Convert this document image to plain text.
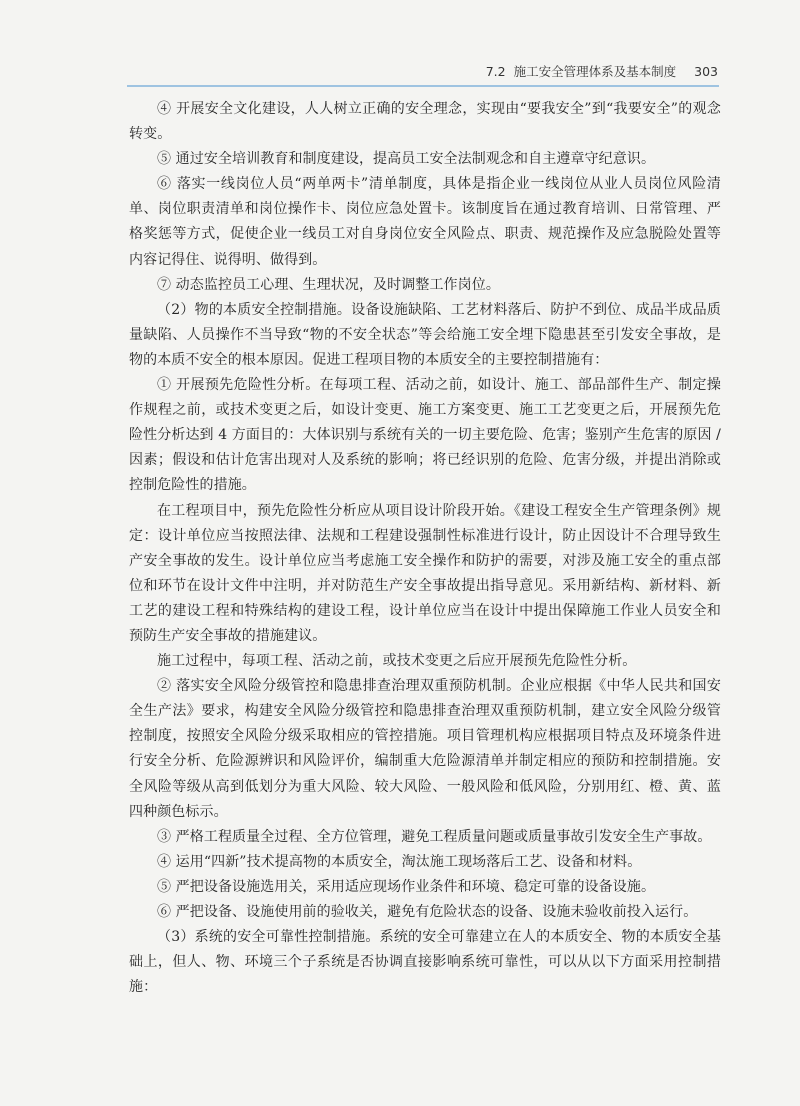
7.2 施工安全管理体系及基本制度 303

④ 开展安全文化建设，人人树立正确的安全理念，实现由“要我安全”到“我要安全”的观念转变。

⑤ 通过安全培训教育和制度建设，提高员工安全法制观念和自主遵章守纪意识。

⑥ 落实一线岗位人员“两单两卡”清单制度，具体是指企业一线岗位从业人员岗位风险清单、岗位职责清单和岗位操作卡、岗位应急处置卡。该制度旨在通过教育培训、日常管理、严格奖惩等方式，促使企业一线员工对自身岗位安全风险点、职责、规范操作及应急脱险处置等内容记得住、说得明、做得到。

⑦ 动态监控员工心理、生理状况，及时调整工作岗位。

（2）物的本质安全控制措施。设备设施缺陷、工艺材料落后、防护不到位、成品半成品质量缺陷、人员操作不当导致“物的不安全状态”等会给施工安全埋下隐患甚至引发安全事故，是物的本质不安全的根本原因。促进工程项目物的本质安全的主要控制措施有：

① 开展预先危险性分析。在每项工程、活动之前，如设计、施工、部品部件生产、制定操作规程之前，或技术变更之后，如设计变更、施工方案变更、施工工艺变更之后，开展预先危险性分析达到 4 方面目的：大体识别与系统有关的一切主要危险、危害；鉴别产生危害的原因 / 因素；假设和估计危害出现对人及系统的影响；将已经识别的危险、危害分级，并提出消除或控制危险性的措施。

在工程项目中，预先危险性分析应从项目设计阶段开始。《建设工程安全生产管理条例》规定：设计单位应当按照法律、法规和工程建设强制性标准进行设计，防止因设计不合理导致生产安全事故的发生。设计单位应当考虑施工安全操作和防护的需要，对涉及施工安全的重点部位和环节在设计文件中注明，并对防范生产安全事故提出指导意见。采用新结构、新材料、新工艺的建设工程和特殊结构的建设工程，设计单位应当在设计中提出保障施工作业人员安全和预防生产安全事故的措施建议。

施工过程中，每项工程、活动之前，或技术变更之后应开展预先危险性分析。

② 落实安全风险分级管控和隐患排查治理双重预防机制。企业应根据《中华人民共和国安全生产法》要求，构建安全风险分级管控和隐患排查治理双重预防机制，建立安全风险分级管控制度，按照安全风险分级采取相应的管控措施。项目管理机构应根据项目特点及环境条件进行安全分析、危险源辨识和风险评价，编制重大危险源清单并制定相应的预防和控制措施。安全风险等级从高到低划分为重大风险、较大风险、一般风险和低风险，分别用红、橙、黄、蓝四种颜色标示。

③ 严格工程质量全过程、全方位管理，避免工程质量问题或质量事故引发安全生产事故。

④ 运用“四新”技术提高物的本质安全，淘汰施工现场落后工艺、设备和材料。

⑤ 严把设备设施选用关，采用适应现场作业条件和环境、稳定可靠的设备设施。

⑥ 严把设备、设施使用前的验收关，避免有危险状态的设备、设施未验收前投入运行。

（3）系统的安全可靠性控制措施。系统的安全可靠建立在人的本质安全、物的本质安全基础上，但人、物、环境三个子系统是否协调直接影响系统可靠性，可以从以下方面采用控制措施：
